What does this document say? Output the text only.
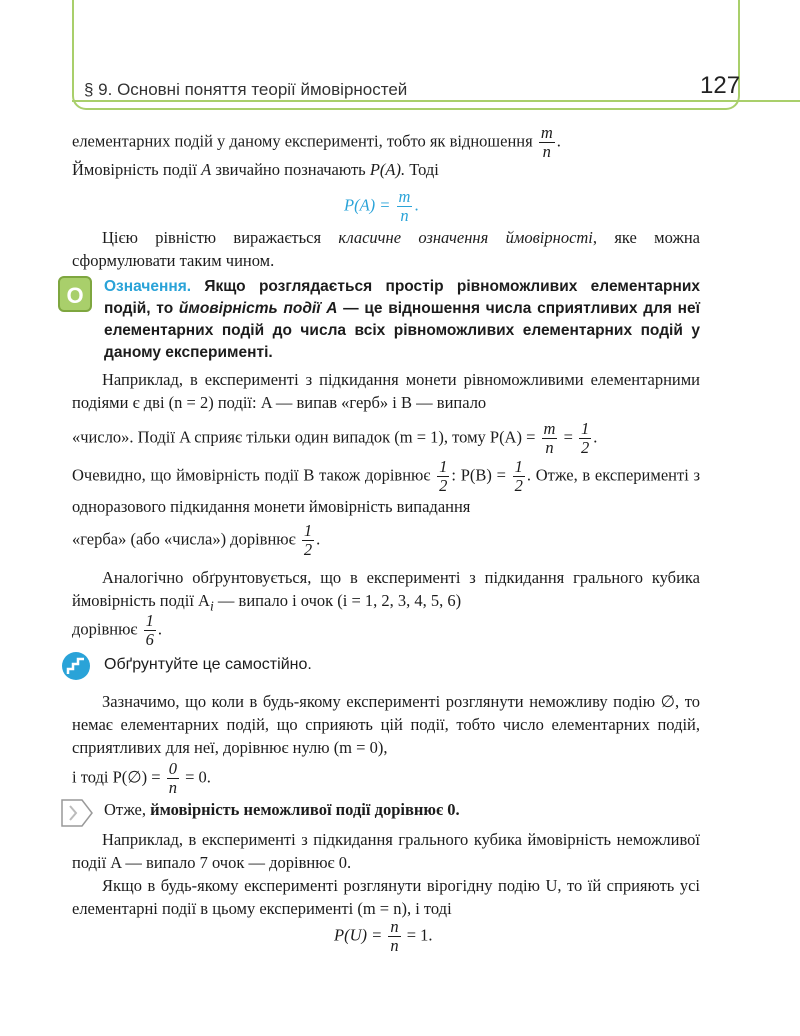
§ 9. Основні поняття теорії ймовірностей	127
елементарних подій у даному експерименті, тобто як відношення $\frac{m}{n}$ .
Ймовірність події A звичайно позначають P(A). Тоді
$P(A) = \frac{m}{n}$ .
Цією рівністю виражається класичне означення ймовірності, яке можна сформулювати таким чином.
О	Означення. Якщо розглядається простір рівноможливих елементарних подій, то ймовірність події A — це відношення числа сприятливих для неї елементарних подій до числа всіх рівноможливих елементарних подій у даному експерименті.
Наприклад, в експерименті з підкидання монети рівноможливими елементарними подіями є дві (n = 2) події: A — випав «герб» і B — випало
«число». Події A сприяє тільки один випадок (m = 1), тому $P(A) = \frac{m}{n} = \frac{1}{2}$ .
Очевидно, що ймовірність події B також дорівнює $\frac{1}{2}$ : $P(B) = \frac{1}{2}$ . Отже, в експерименті з одноразового підкидання монети ймовірність випадання
«герба» (або «числа») дорівнює $\frac{1}{2}$ .
Аналогічно обґрунтовується, що в експерименті з підкидання грального кубика ймовірність події $A_i$ — випало i очок (i = 1, 2, 3, 4, 5, 6)
дорівнює $\frac{1}{6}$ .
Обґрунтуйте це самостійно.
Зазначимо, що коли в будь-якому експерименті розглянути неможливу подію ∅, то немає елементарних подій, що сприяють цій події, тобто число елементарних подій, сприятливих для неї, дорівнює нулю (m = 0),
і тоді P(∅) = $\frac{0}{n} = 0$.
Отже, ймовірність неможливої події дорівнює 0.
Наприклад, в експерименті з підкидання грального кубика ймовірність неможливої події A — випало 7 очок — дорівнює 0.
Якщо в будь-якому експерименті розглянути вірогідну подію U, то їй сприяють усі елементарні події в цьому експерименті (m = n), і тоді
$P(U) = \frac{n}{n} = 1$.
